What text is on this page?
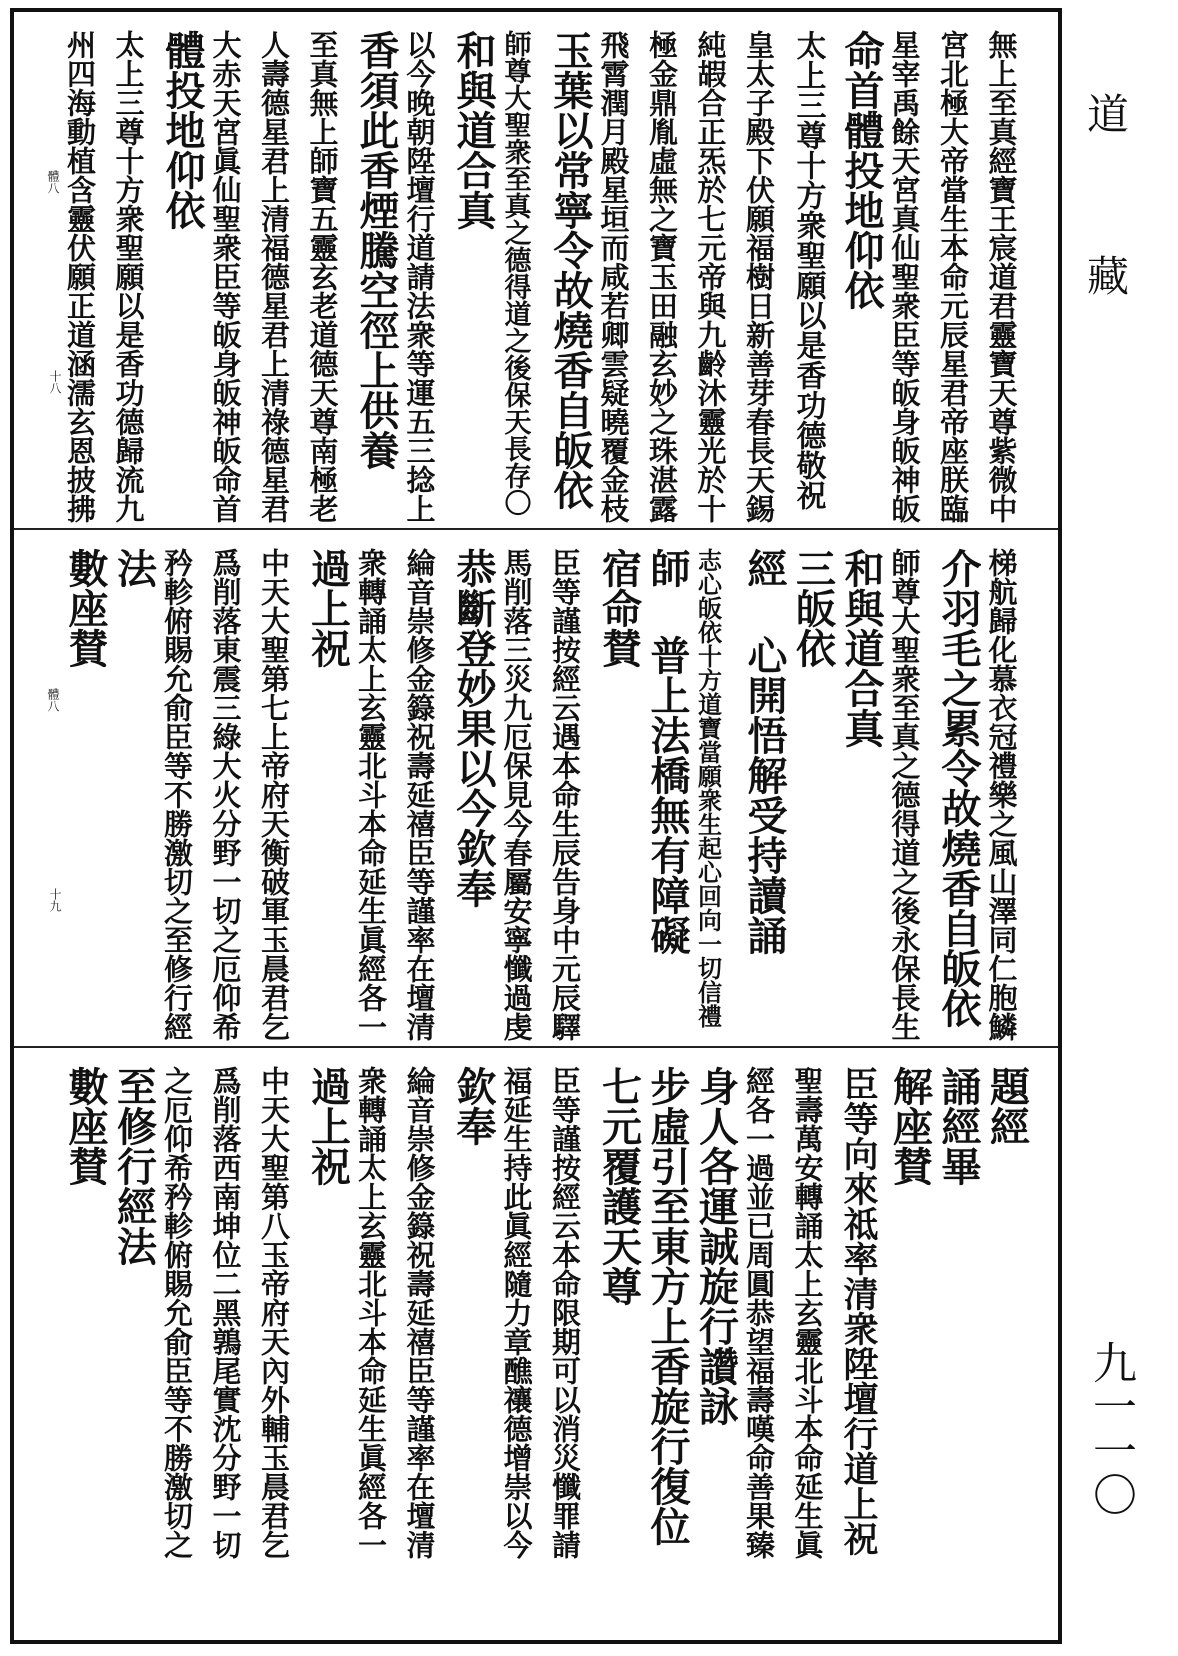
道藏
九一一〇
無上至真經寶王宸道君靈寶天尊紫微中
宮北極大帝當生本命元辰星君帝座朕臨
星宰禹餘天宮真仙聖衆臣等皈身皈神皈
命首體投地仰依
太上三尊十方衆聖願以是香功德敬祝
皇太子殿下伏願福樹日新善芽春長天錫
純嘏合正炁於七元帝與九齡沐靈光於十
極金鼎胤虛無之寶玉田融玄妙之珠湛露
飛霄潤月殿星垣而咸若卿雲疑曉覆金枝
玉葉以常寧令故燒香自皈依
師尊大聖衆至真之德得道之後保天長存〇
和與道合真
以今晚朝陞壇行道請法衆等運五三捻上
香須此香煙騰空徑上供養
至真無上師寶五靈玄老道德天尊南極老
人壽德星君上清福德星君上清祿德星君
大赤天宮眞仙聖衆臣等皈身皈神皈命首
體投地仰依
太上三尊十方衆聖願以是香功德歸流九
州四海動植含靈伏願正道涵濡玄恩披拂
體八
十八
梯航歸化慕衣冠禮樂之風山澤同仁胞鱗
介羽毛之累令故燒香自皈依
師尊大聖衆至真之德得道之後永保長生
和與道合真
三皈依
經 心開悟解受持讀誦
志心皈依十方道寶當願衆生起心回向一切信禮
師 普上法橋無有障礙
宿命賛
臣等謹按經云遇本命生辰告身中元辰驛
馬削落三災九厄保見今春屬安寧懺過虔
恭斷登妙果以今欽奉
綸音崇修金籙祝壽延禧臣等謹率在壇清
衆轉誦太上玄靈北斗本命延生眞經各一
過上祝
中天大聖第七上帝府天衡破軍玉晨君乞
爲削落東震三綠大火分野一切之厄仰希
矜軫俯賜允俞臣等不勝激切之至修行經
法
數座賛
體八
十九
題經
誦經畢
解座賛
臣等向來祗率清衆陞壇行道上祝
聖壽萬安轉誦太上玄靈北斗本命延生眞
經各一過並已周圓恭望福壽嘆命善果臻
身人各運誠旋行讚詠
步虛引至東方上香旋行復位
七元覆護天尊
臣等謹按經云本命限期可以消災懺罪請
福延生持此眞經隨力章醮禳德增崇以今
欽奉
綸音崇修金籙祝壽延禧臣等謹率在壇清
衆轉誦太上玄靈北斗本命延生眞經各一
過上祝
中天大聖第八玉帝府天內外輔玉晨君乞
爲削落西南坤位二黑鶉尾實沈分野一切
之厄仰希矜軫俯賜允俞臣等不勝激切之
至修行經法
數座賛
